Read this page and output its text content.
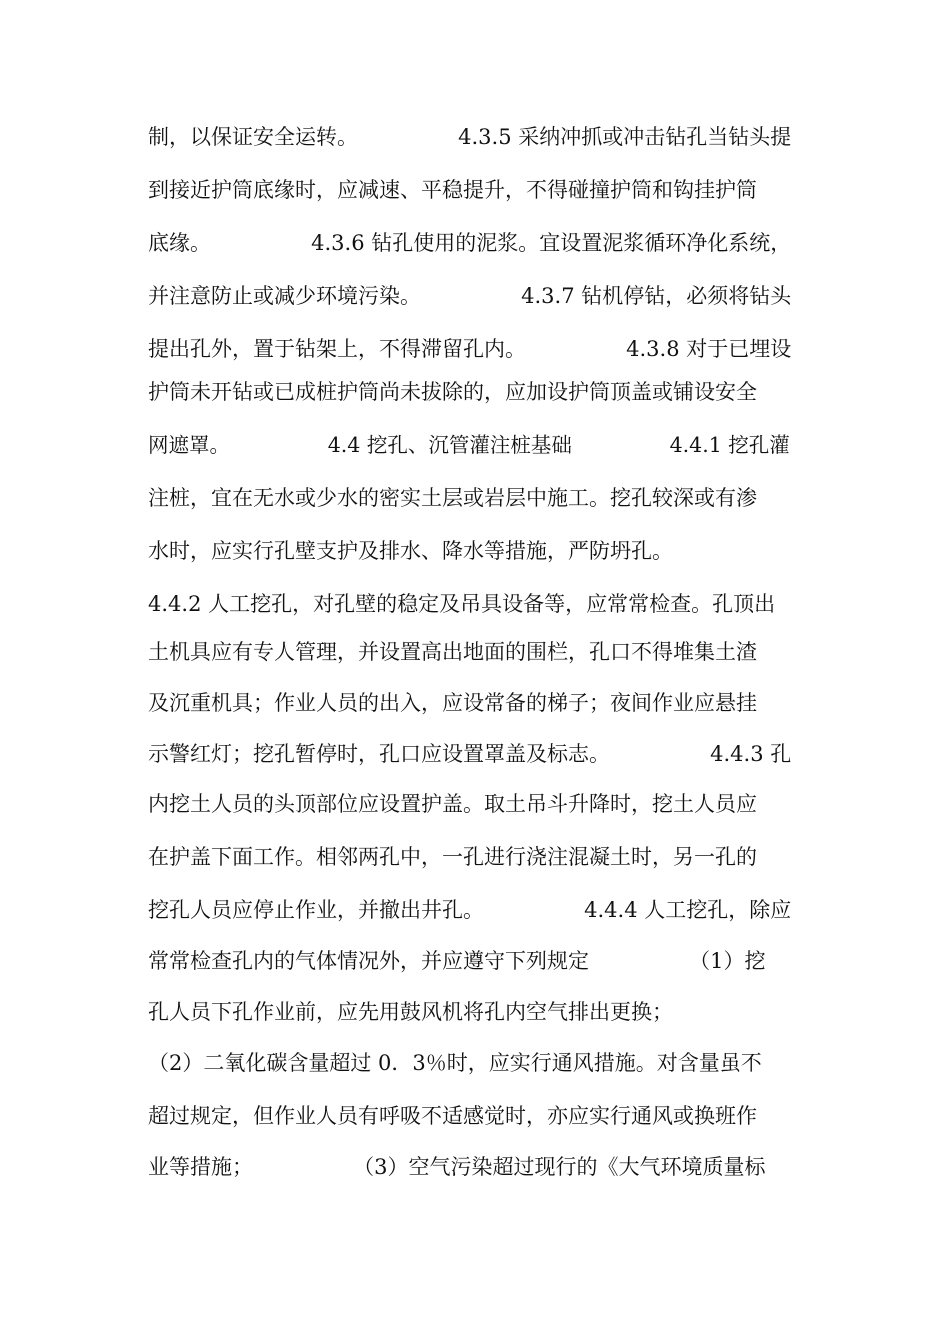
制，以保证安全运转。               4.3.5 采纳冲抓或冲击钻孔当钻头提
到接近护筒底缘时，应减速、平稳提升，不得碰撞护筒和钩挂护筒
底缘。               4.3.6 钻孔使用的泥浆。宜设置泥浆循环净化系统，
并注意防止或减少环境污染。               4.3.7 钻机停钻，必须将钻头
提出孔外，置于钻架上，不得滞留孔内。               4.3.8 对于已埋设
护筒未开钻或已成桩护筒尚未拔除的，应加设护筒顶盖或铺设安全
网遮罩。               4.4 挖孔、沉管灌注桩基础               4.4.1 挖孔灌
注桩，宜在无水或少水的密实土层或岩层中施工。挖孔较深或有渗
水时，应实行孔壁支护及排水、降水等措施，严防坍孔。
4.4.2 人工挖孔，对孔壁的稳定及吊具设备等，应常常检查。孔顶出
土机具应有专人管理，并设置高出地面的围栏，孔口不得堆集土渣
及沉重机具；作业人员的出入，应设常备的梯子；夜间作业应悬挂
示警红灯；挖孔暂停时，孔口应设置罩盖及标志。               4.4.3 孔
内挖土人员的头顶部位应设置护盖。取土吊斗升降时，挖土人员应
在护盖下面工作。相邻两孔中，一孔进行浇注混凝土时，另一孔的
挖孔人员应停止作业，并撤出井孔。               4.4.4 人工挖孔，除应
常常检查孔内的气体情况外，并应遵守下列规定               （1）挖
孔人员下孔作业前，应先用鼓风机将孔内空气排出更换；
（2）二氧化碳含量超过 0．3％时，应实行通风措施。对含量虽不
超过规定，但作业人员有呼吸不适感觉时，亦应实行通风或换班作
业等措施；               （3）空气污染超过现行的《大气环境质量标
